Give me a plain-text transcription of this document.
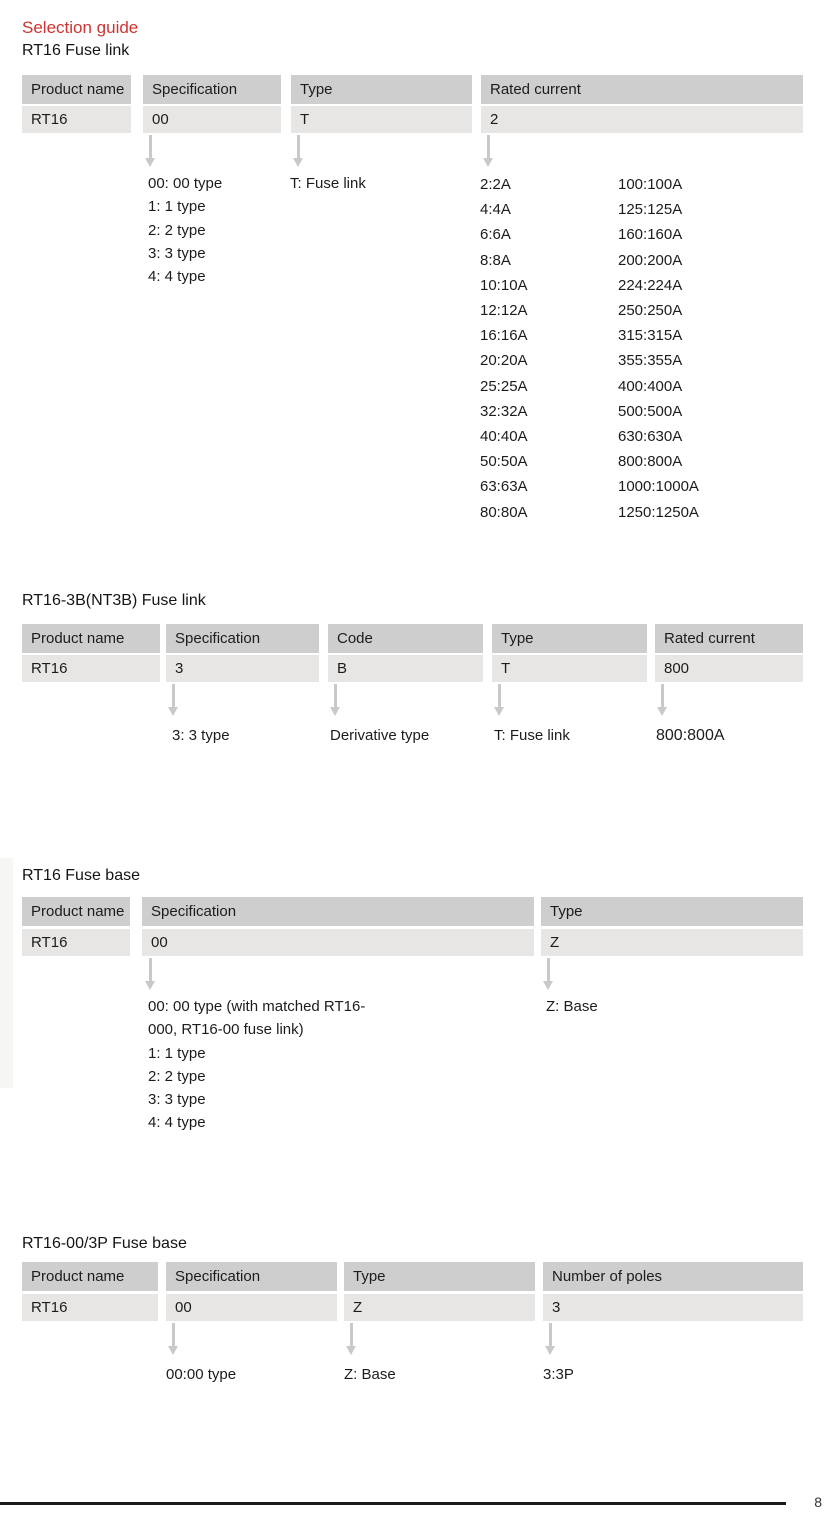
Selection guide
RT16 Fuse link
Product name	Specification	Type	Rated current
RT16	00	T	2
00: 00 type
1: 1 type
2: 2 type
3: 3 type
4: 4 type
T: Fuse link	2:2A
4:4A
6:6A
8:8A
10:10A
12:12A
16:16A
20:20A
25:25A
32:32A
40:40A
50:50A
63:63A
80:80A
100:100A
125:125A
160:160A
200:200A
224:224A
250:250A
315:315A
355:355A
400:400A
500:500A
630:630A
800:800A
1000:1000A
1250:1250A
RT16-3B(NT3B) Fuse link
Product name	Specification	Code	Type	Rated current
RT16	3	B	T	800
3: 3 type	Derivative type	T: Fuse link	800:800A
RT16 Fuse base
Product name	Specification	Type
RT16	00	Z
00: 00 type (with matched RT16-
000, RT16-00 fuse link)
1: 1 type
2: 2 type
3: 3 type
4: 4 type
Z: Base
RT16-00/3P Fuse base
Product name	Specification	Type	Number of poles
RT16	00	Z	3
00:00 type	Z: Base	3:3P
8
